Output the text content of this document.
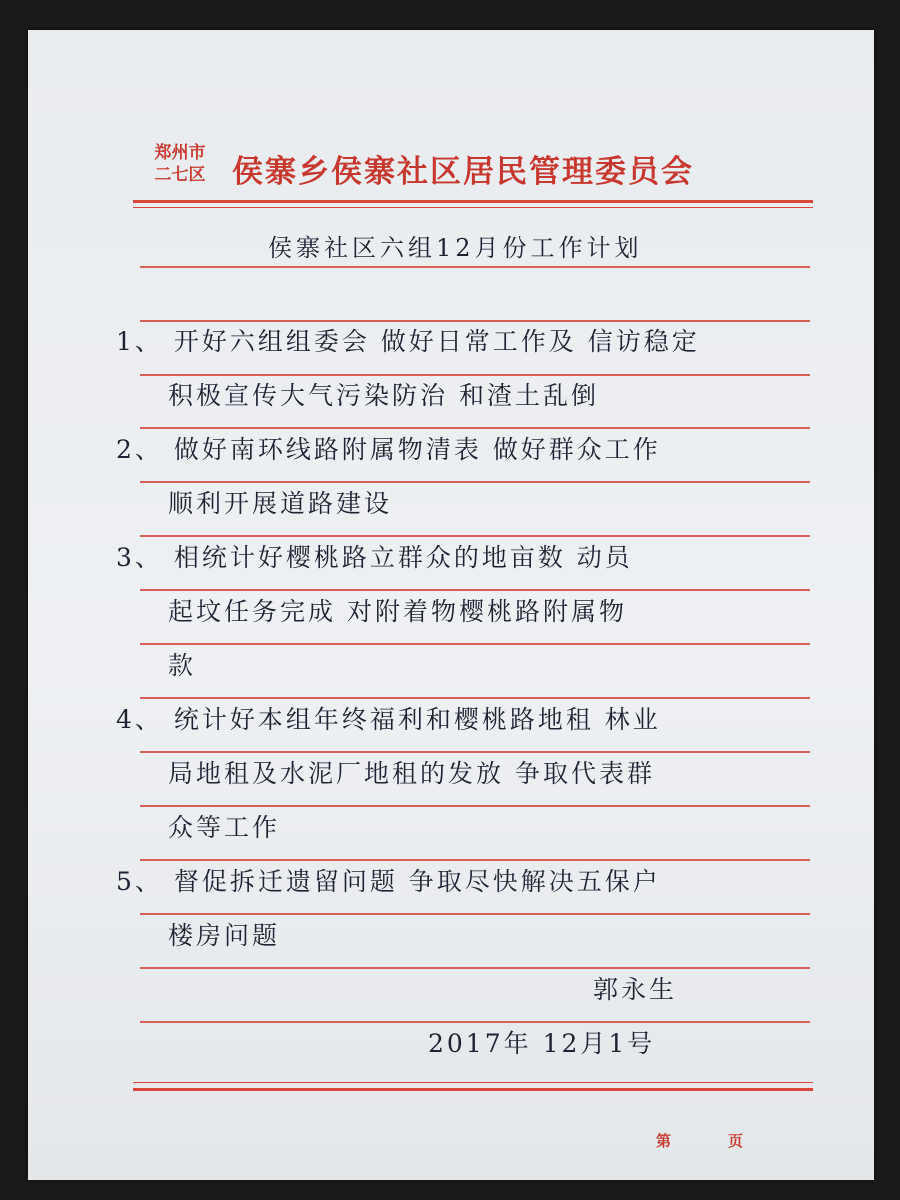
郑州市
二七区 侯寨乡侯寨社区居民管理委员会
侯寨社区六组12月份工作计划
1、 开好六组组委会 做好日常工作及 信访稳定
积极宣传大气污染防治 和渣土乱倒
2、 做好南环线路附属物清表 做好群众工作
顺利开展道路建设
3、 相统计好樱桃路立群众的地亩数 动员
起坟任务完成 对附着物樱桃路附属物
款
4、 统计好本组年终福利和樱桃路地租 林业
局地租及水泥厂地租的发放 争取代表群
众等工作
5、 督促拆迁遗留问题 争取尽快解决五保户
楼房问题
郭永生
2017年 12月1号
第	页
